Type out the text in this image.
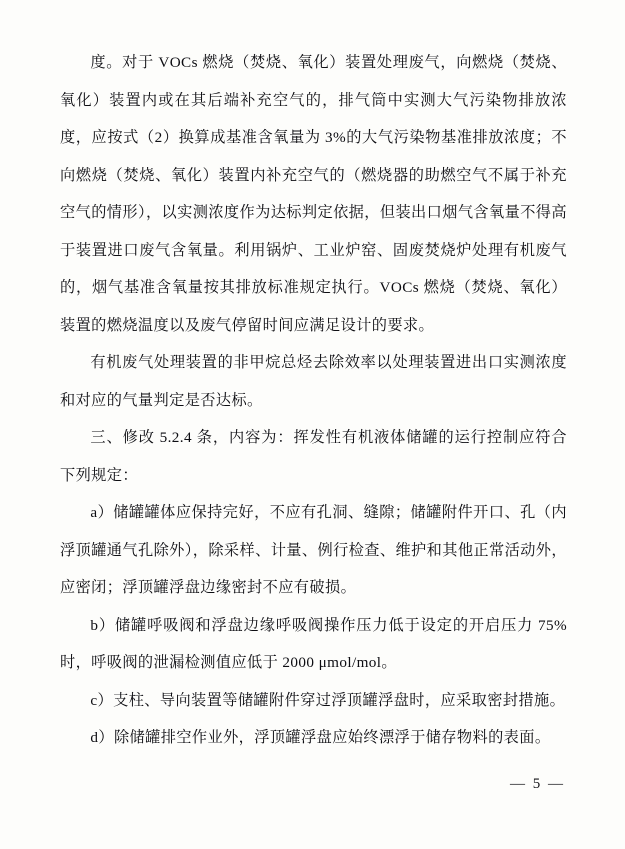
度。对于 VOCs 燃烧（焚烧、氧化）装置处理废气，向燃烧（焚烧、氧化）装置内或在其后端补充空气的，排气筒中实测大气污染物排放浓度，应按式（2）换算成基准含氧量为 3%的大气污染物基准排放浓度；不向燃烧（焚烧、氧化）装置内补充空气的（燃烧器的助燃空气不属于补充空气的情形），以实测浓度作为达标判定依据，但装出口烟气含氧量不得高于装置进口废气含氧量。利用锅炉、工业炉窑、固废焚烧炉处理有机废气的，烟气基准含氧量按其排放标准规定执行。VOCs 燃烧（焚烧、氧化）装置的燃烧温度以及废气停留时间应满足设计的要求。

有机废气处理装置的非甲烷总烃去除效率以处理装置进出口实测浓度和对应的气量判定是否达标。

三、修改 5.2.4 条，内容为：挥发性有机液体储罐的运行控制应符合下列规定：

a）储罐罐体应保持完好，不应有孔洞、缝隙；储罐附件开口、孔（内浮顶罐通气孔除外），除采样、计量、例行检查、维护和其他正常活动外，应密闭；浮顶罐浮盘边缘密封不应有破损。

b）储罐呼吸阀和浮盘边缘呼吸阀操作压力低于设定的开启压力 75%时，呼吸阀的泄漏检测值应低于 2000 μmol/mol。

c）支柱、导向装置等储罐附件穿过浮顶罐浮盘时，应采取密封措施。

d）除储罐排空作业外，浮顶罐浮盘应始终漂浮于储存物料的表面。

— 5 —
